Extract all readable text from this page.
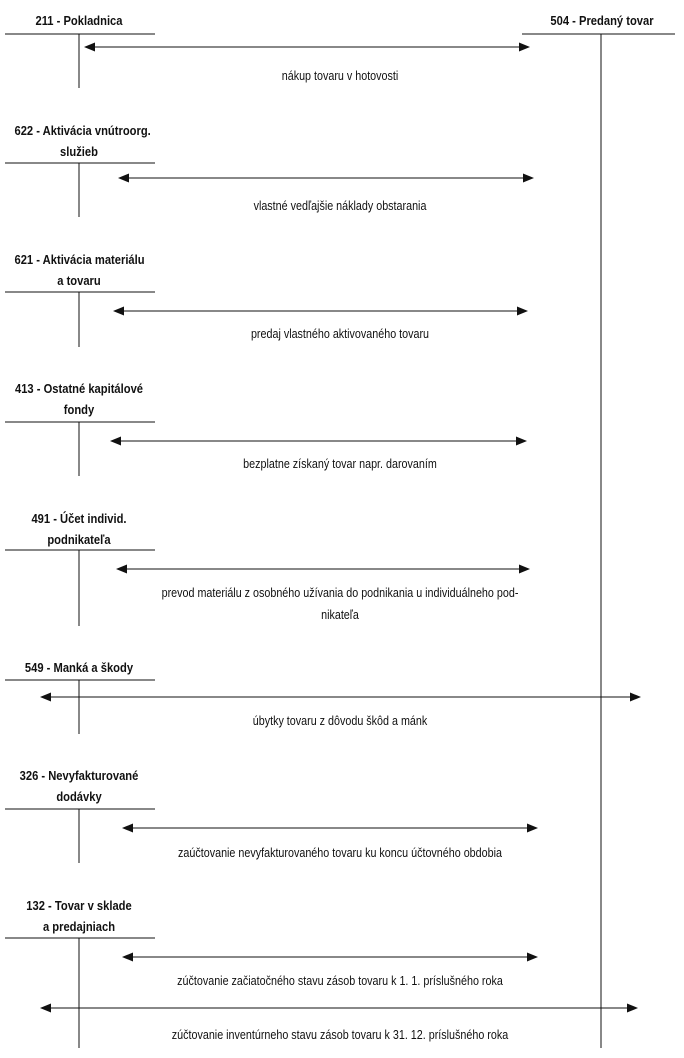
504 - Predaný tovar
211 - Pokladnica
nákup tovaru v hotovosti
622 - Aktivácia vnútroorg.
služieb
vlastné vedľajšie náklady obstarania
621 - Aktivácia materiálu
a tovaru
predaj vlastného aktivovaného tovaru
413 - Ostatné kapitálové
fondy
bezplatne získaný tovar napr. darovaním
491 - Účet individ.
podnikateľa
prevod materiálu z osobného užívania do podnikania u individuálneho pod-
nikateľa
549 - Manká a škody
úbytky tovaru z dôvodu škôd a mánk
326 - Nevyfakturované
dodávky
zaúčtovanie nevyfakturovaného tovaru ku koncu účtovného obdobia
132 - Tovar v sklade
a predajniach
zúčtovanie začiatočného stavu zásob tovaru k 1. 1. príslušného roka
zúčtovanie inventúrneho stavu zásob tovaru k 31. 12. príslušného roka
